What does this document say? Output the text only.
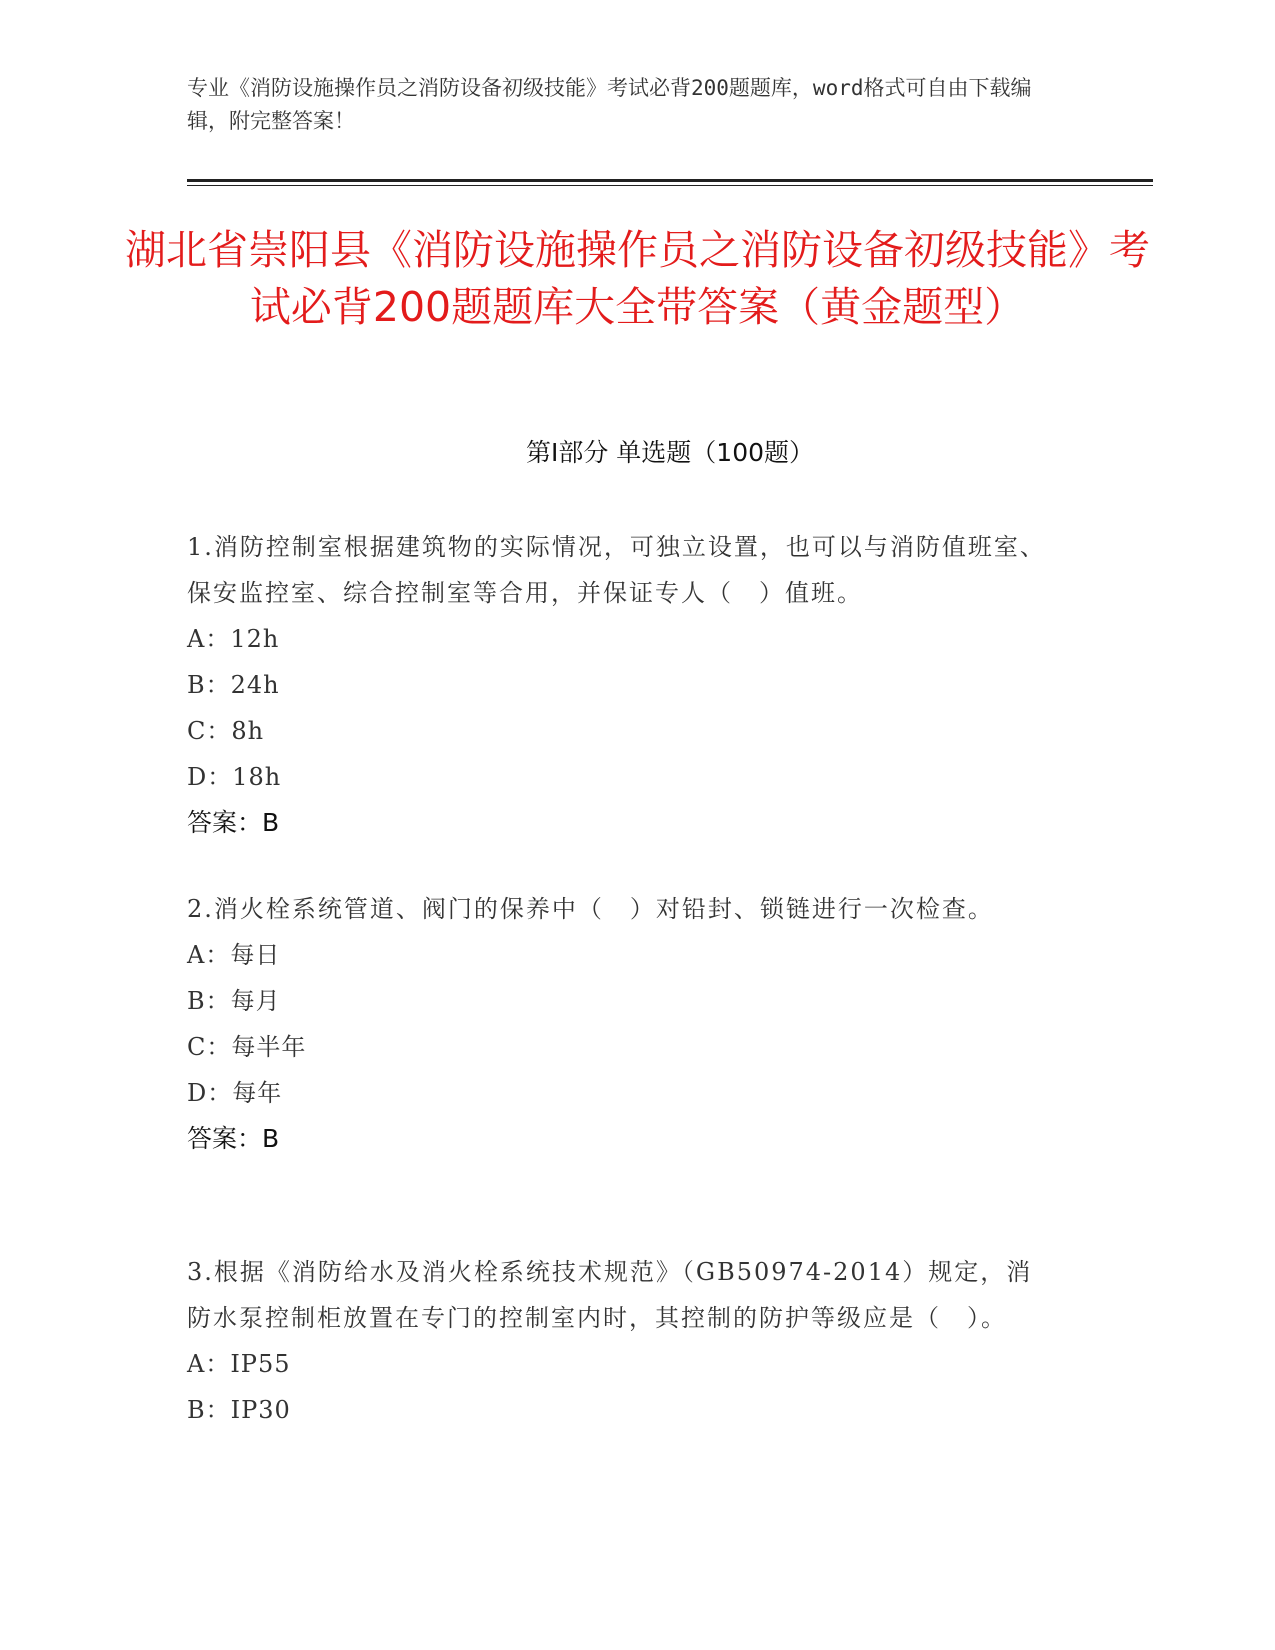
专业《消防设施操作员之消防设备初级技能》考试必背200题题库，word格式可自由下载编辑，附完整答案！
湖北省崇阳县《消防设施操作员之消防设备初级技能》考试必背200题题库大全带答案（黄金题型）
第Ⅰ部分 单选题（100题）

1.消防控制室根据建筑物的实际情况，可独立设置，也可以与消防值班室、保安监控室、综合控制室等合用，并保证专人（　）值班。

A：12h

B：24h

C：8h

D：18h

答案：B

2.消火栓系统管道、阀门的保养中（　）对铅封、锁链进行一次检查。

A：每日

B：每月

C：每半年

D：每年

答案：B

3.根据《消防给水及消火栓系统技术规范》（GB50974-2014）规定，消防水泵控制柜放置在专门的控制室内时，其控制的防护等级应是（　）。

A：IP55

B：IP30
